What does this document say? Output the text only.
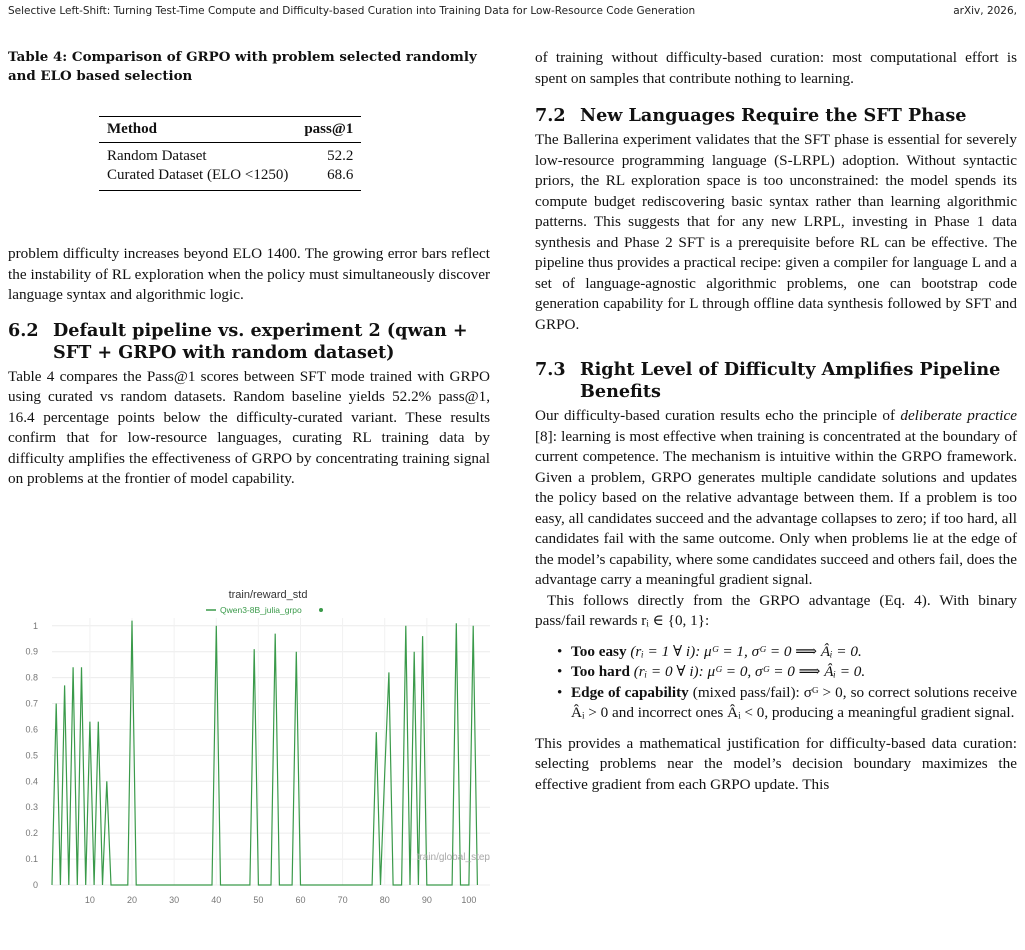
Selective Left-Shift: Turning Test-Time Compute and Difficulty-based Curation into Training Data for Low-Resource Code Generation	arXiv, 2026,
Table 4: Comparison of GRPO with problem selected randomly and ELO based selection
Method	pass@1
Random Dataset	52.2
Curated Dataset (ELO <1250)	68.6

problem difficulty increases beyond ELO 1400. The growing error bars reflect the instability of RL exploration when the policy must simultaneously discover language syntax and algorithmic logic.

6.2 Default pipeline vs. experiment 2 (qwan + SFT + GRPO with random dataset)

Table 4 compares the Pass@1 scores between SFT mode trained with GRPO using curated vs random datasets. Random baseline yields 52.2% pass@1, 16.4 percentage points below the difficulty-curated variant. These results confirm that for low-resource languages, curating RL training data by difficulty amplifies the effectiveness of GRPO by concentrating training signal on problems at the frontier of model capability.

of training without difficulty-based curation: most computational effort is spent on samples that contribute nothing to learning.

7.2 New Languages Require the SFT Phase

The Ballerina experiment validates that the SFT phase is essential for severely low-resource programming language (S-LRPL) adoption. Without syntactic priors, the RL exploration space is too unconstrained: the model spends its compute budget rediscovering basic syntax rather than learning algorithmic patterns. This suggests that for any new LRPL, investing in Phase 1 data synthesis and Phase 2 SFT is a prerequisite before RL can be effective. The pipeline thus provides a practical recipe: given a compiler for language L and a set of language-agnostic algorithmic problems, one can bootstrap code generation capability for L through offline data synthesis followed by SFT and GRPO.

7.3 Right Level of Difficulty Amplifies Pipeline Benefits

Our difficulty-based curation results echo the principle of deliberate practice [8]: learning is most effective when training is concentrated at the boundary of current competence. The mechanism is intuitive within the GRPO framework. Given a problem, GRPO generates multiple candidate solutions and updates the policy based on the relative advantage between them. If a problem is too easy, all candidates succeed and the advantage collapses to zero; if too hard, all candidates fail with the same outcome. Only when problems lie at the edge of the model’s capability, where some candidates succeed and others fail, does the advantage carry a meaningful gradient signal.

This follows directly from the GRPO advantage (Eq. 4). With binary pass/fail rewards rᵢ ∈ {0, 1}:

• Too easy (rᵢ = 1 ∀ i): μᴳ = 1, σᴳ = 0 ⟹ Âᵢ = 0.
• Too hard (rᵢ = 0 ∀ i): μᴳ = 0, σᴳ = 0 ⟹ Âᵢ = 0.
• Edge of capability (mixed pass/fail): σᴳ > 0, so correct solutions receive Âᵢ > 0 and incorrect ones Âᵢ < 0, producing a meaningful gradient signal.

This provides a mathematical justification for difficulty-based data curation: selecting problems near the model’s decision boundary maximizes the effective gradient from each GRPO update. This

train/reward_std
Qwen3-8B_julia_grpo
0
0.1
0.2
0.3
0.4
0.5
0.6
0.7
0.8
0.9
1
10	20	30	40	50	60	70	80	90	100
train/global_step
